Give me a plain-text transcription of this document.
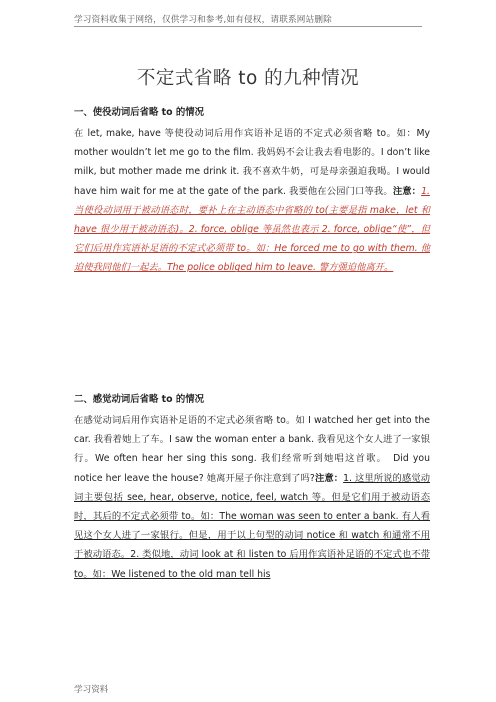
学习资料收集于网络，仅供学习和参考,如有侵权，请联系网站删除
不定式省略 to 的九种情况
一、使役动词后省略 to 的情况
在 let, make, have 等使役动词后用作宾语补足语的不定式必须省略 to。如：My mother wouldn’t let me go to the film. 我妈妈不会让我去看电影的。I don’t like milk, but mother made me drink it. 我不喜欢牛奶，可是母亲强迫我喝。I would have him wait for me at the gate of the park. 我要他在公园门口等我。注意：1. 当使役动词用于被动语态时，要补上在主动语态中省略的 to(主要是指 make，let 和 have 很少用于被动语态)。2. force, oblige 等虽然也表示 2. force, oblige“使”，但它们后用作宾语补足语的不定式必须带 to。如：He forced me to go with them. 他迫使我同他们一起去。The police obliged him to leave. 警方强迫他离开。
二、感觉动词后省略 to 的情况
在感觉动词后用作宾语补足语的不定式必须省略 to。如 I watched her get into the car. 我看着她上了车。I saw the woman enter a bank. 我看见这个女人进了一家银行。We often hear her sing this song. 我们经常听到她唱这首歌。　Did you notice her leave the house? 她离开屋子你注意到了吗?注意：1. 这里所说的感觉动词主要包括 see, hear, observe, notice, feel, watch 等。但是它们用于被动语态时，其后的不定式必须带 to。如：The woman was seen to enter a bank. 有人看见这个女人进了一家银行。但是，用于以上句型的动词 notice 和 watch 和通常不用于被动语态。2. 类似地，动词 look at 和 listen to 后用作宾语补足语的不定式也不带 to。如：We listened to the old man tell his
学习资料
